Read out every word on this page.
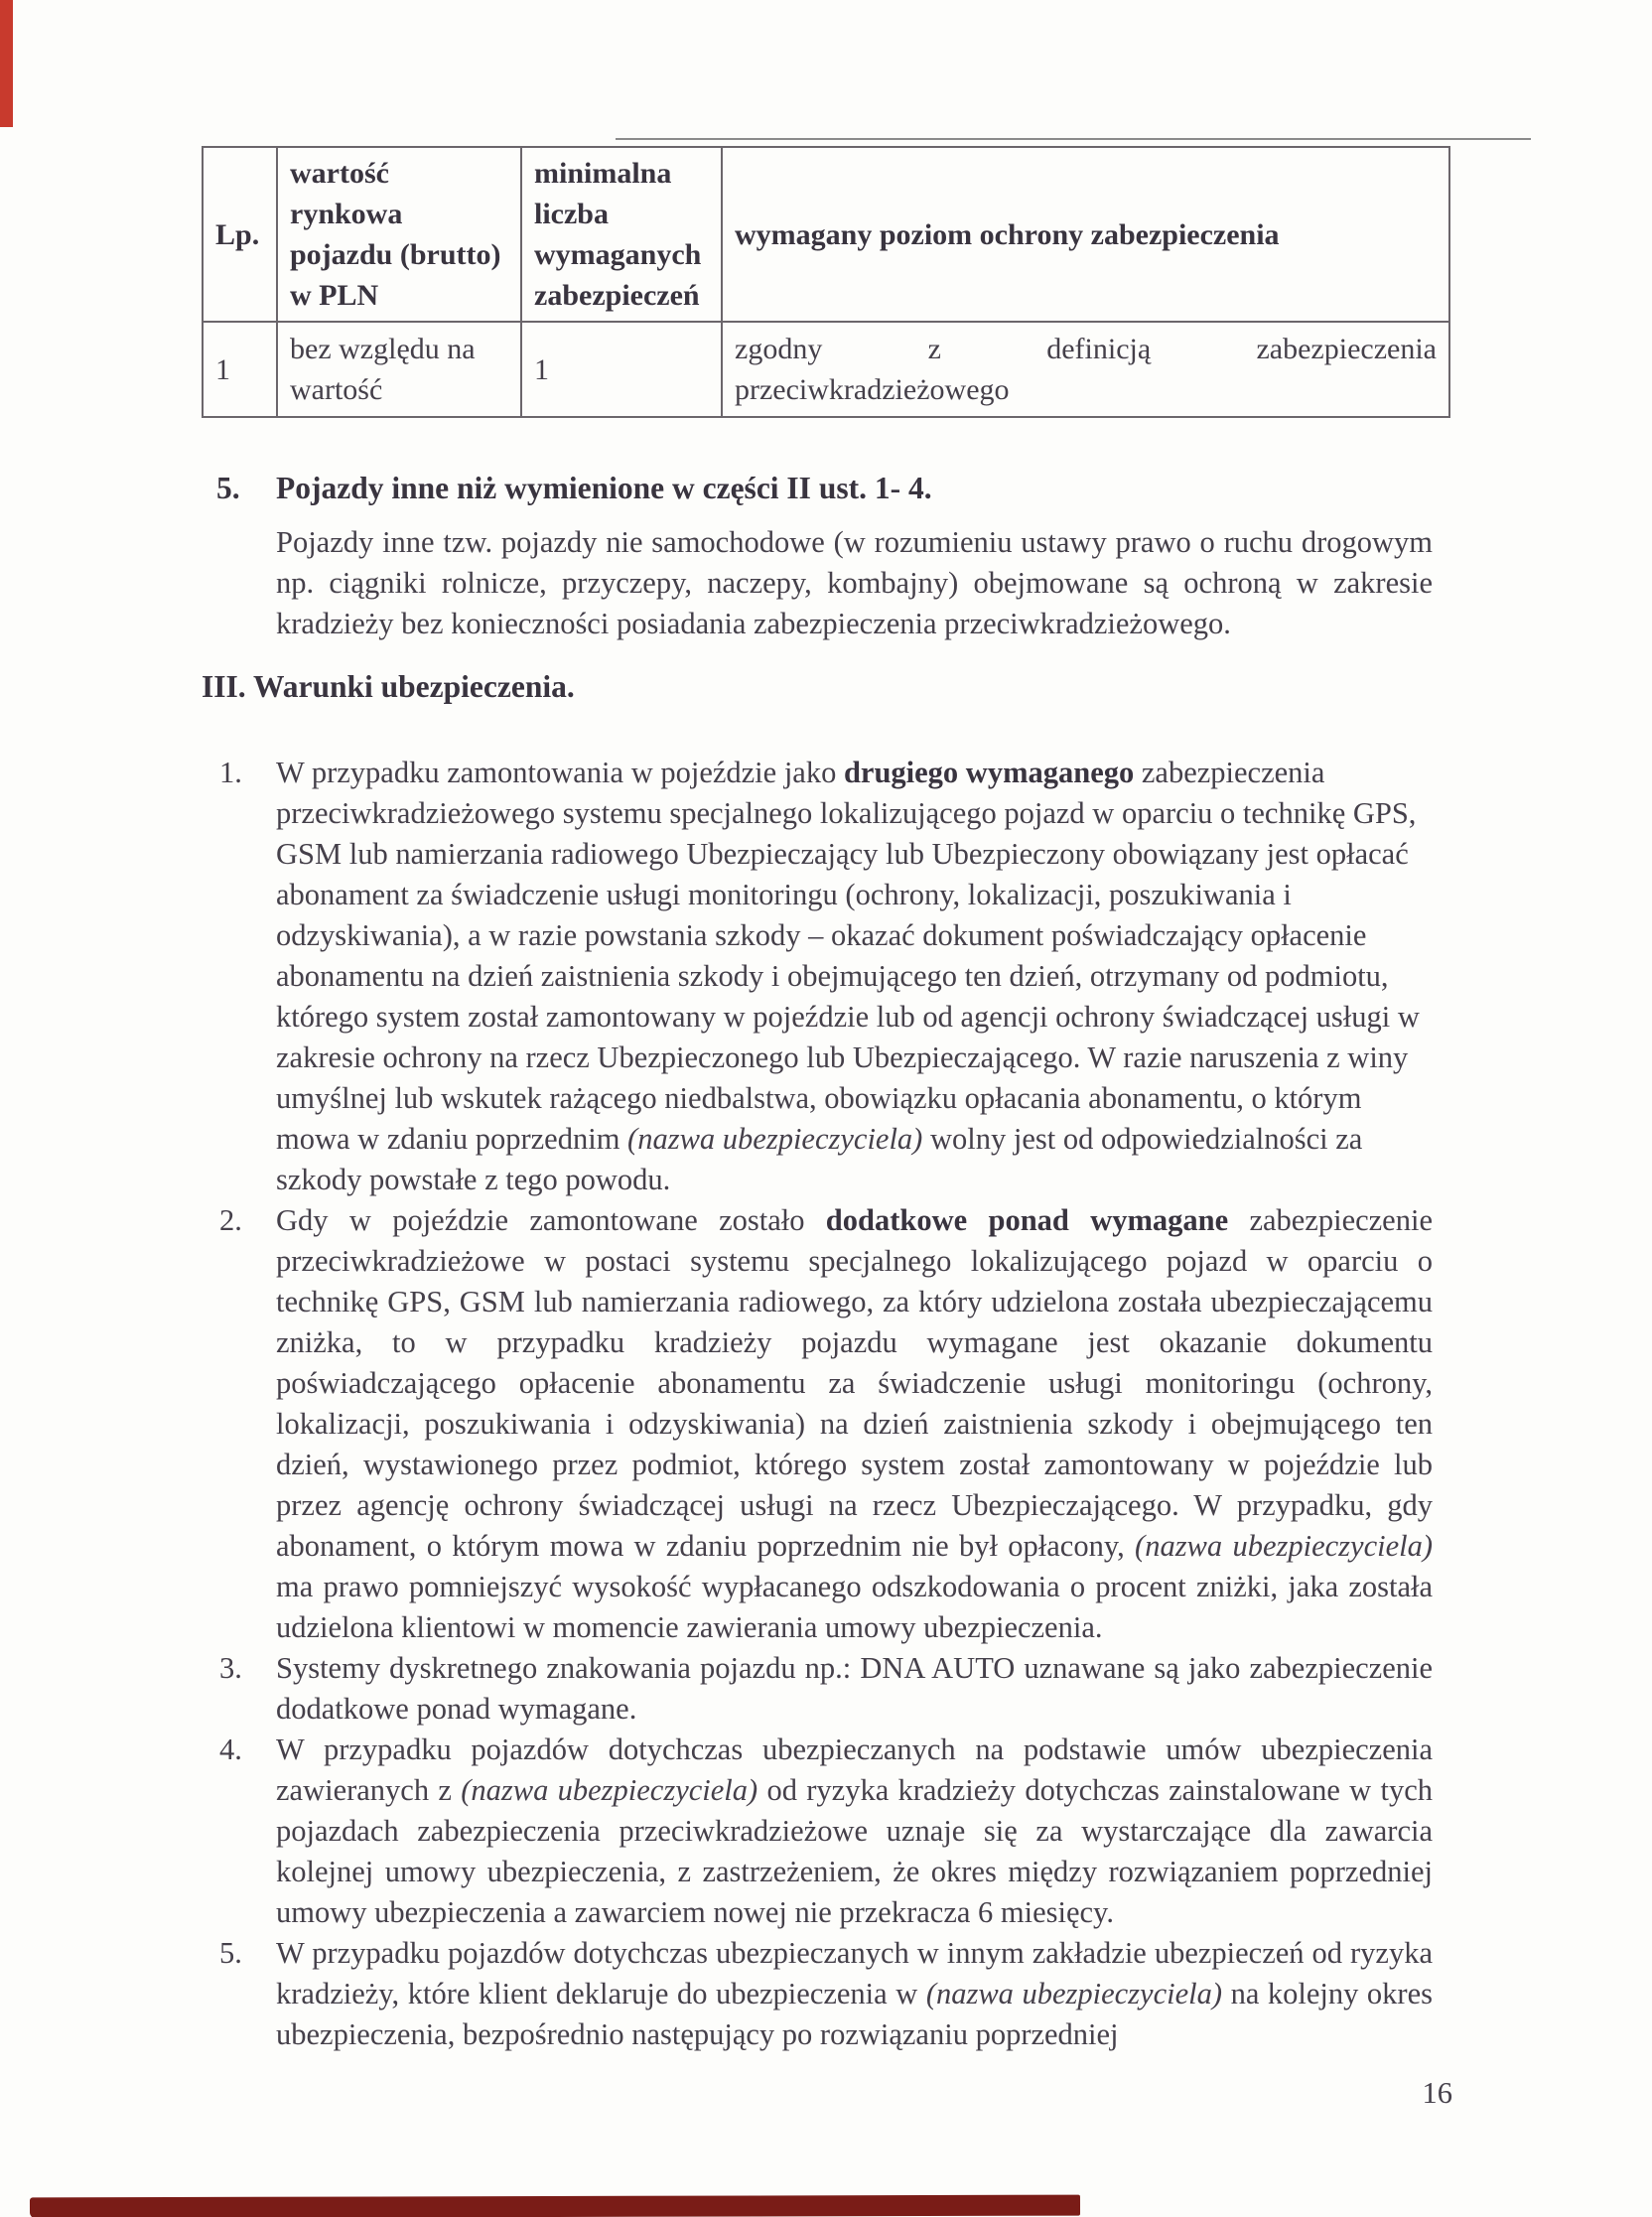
Lp.	wartość rynkowa pojazdu (brutto) w PLN	minimalna liczba wymaganych zabezpieczeń	wymagany poziom ochrony zabezpieczenia
1	bez względu na wartość	1	zgodny z definicją zabezpieczenia
przeciwkradzieżowego
5.	Pojazdy inne niż wymienione w części II ust. 1- 4.
Pojazdy inne tzw. pojazdy nie samochodowe (w rozumieniu ustawy prawo o ruchu drogowym np. ciągniki rolnicze, przyczepy, naczepy, kombajny) obejmowane są ochroną w zakresie kradzieży bez konieczności posiadania zabezpieczenia przeciwkradzieżowego.
III. Warunki ubezpieczenia.
1.	W przypadku zamontowania w pojeździe jako drugiego wymaganego zabezpieczenia przeciwkradzieżowego systemu specjalnego lokalizującego pojazd w oparciu o technikę GPS, GSM lub namierzania radiowego Ubezpieczający lub Ubezpieczony obowiązany jest opłacać abonament za świadczenie usługi monitoringu (ochrony, lokalizacji, poszukiwania i odzyskiwania), a w razie powstania szkody – okazać dokument poświadczający opłacenie abonamentu na dzień zaistnienia szkody i obejmującego ten dzień, otrzymany od podmiotu, którego system został zamontowany w pojeździe lub od agencji ochrony świadczącej usługi w zakresie ochrony na rzecz Ubezpieczonego lub Ubezpieczającego. W razie naruszenia z winy umyślnej lub wskutek rażącego niedbalstwa, obowiązku opłacania abonamentu, o którym mowa w zdaniu poprzednim (nazwa ubezpieczyciela) wolny jest od odpowiedzialności za szkody powstałe z tego powodu.
2.	Gdy w pojeździe zamontowane zostało dodatkowe ponad wymagane zabezpieczenie przeciwkradzieżowe w postaci systemu specjalnego lokalizującego pojazd w oparciu o technikę GPS, GSM lub namierzania radiowego, za który udzielona została ubezpieczającemu zniżka, to w przypadku kradzieży pojazdu wymagane jest okazanie dokumentu poświadczającego opłacenie abonamentu za świadczenie usługi monitoringu (ochrony, lokalizacji, poszukiwania i odzyskiwania) na dzień zaistnienia szkody i obejmującego ten dzień, wystawionego przez podmiot, którego system został zamontowany w pojeździe lub przez agencję ochrony świadczącej usługi na rzecz Ubezpieczającego. W przypadku, gdy abonament, o którym mowa w zdaniu poprzednim nie był opłacony, (nazwa ubezpieczyciela) ma prawo pomniejszyć wysokość wypłacanego odszkodowania o procent zniżki, jaka została udzielona klientowi w momencie zawierania umowy ubezpieczenia.
3.	Systemy dyskretnego znakowania pojazdu np.: DNA AUTO uznawane są jako zabezpieczenie dodatkowe ponad wymagane.
4.	W przypadku pojazdów dotychczas ubezpieczanych na podstawie umów ubezpieczenia zawieranych z (nazwa ubezpieczyciela) od ryzyka kradzieży dotychczas zainstalowane w tych pojazdach zabezpieczenia przeciwkradzieżowe uznaje się za wystarczające dla zawarcia kolejnej umowy ubezpieczenia, z zastrzeżeniem, że okres między rozwiązaniem poprzedniej umowy ubezpieczenia a zawarciem nowej nie przekracza 6 miesięcy.
5.	W przypadku pojazdów dotychczas ubezpieczanych w innym zakładzie ubezpieczeń od ryzyka kradzieży, które klient deklaruje do ubezpieczenia w (nazwa ubezpieczyciela) na kolejny okres ubezpieczenia, bezpośrednio następujący po rozwiązaniu poprzedniej
16
